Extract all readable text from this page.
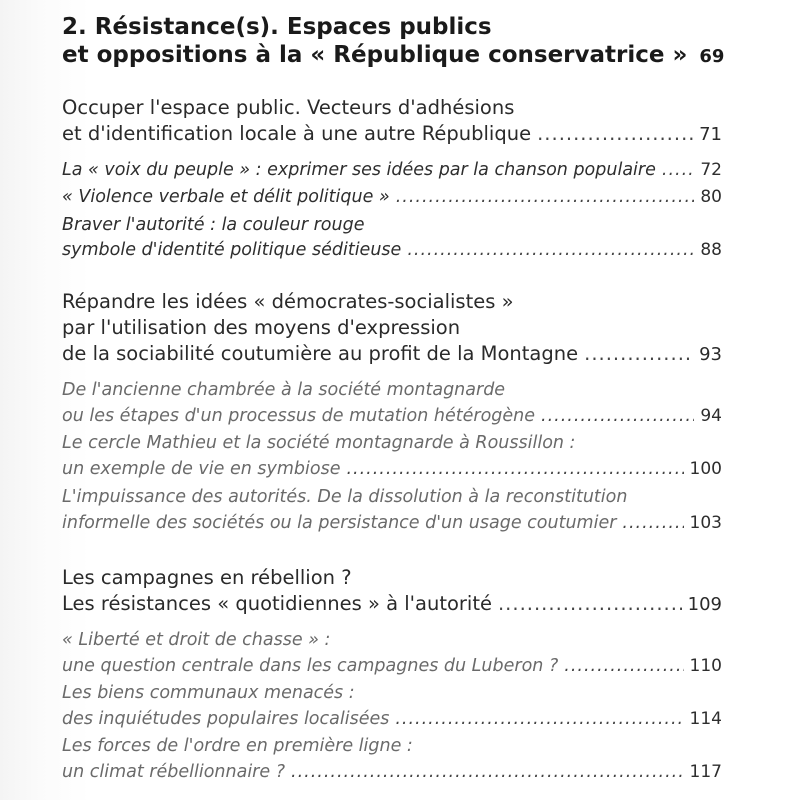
2. Résistance(s). Espaces publics
et oppositions à la « République conservatrice » 69
Occuper l'espace public. Vecteurs d'adhésions
et d'identification locale à une autre République .....	71
La « voix du peuple » : exprimer ses idées par la chanson populaire .....	72
« Violence verbale et délit politique » .....	80
Braver l'autorité : la couleur rouge
symbole d'identité politique séditieuse .....	88
Répandre les idées « démocrates-socialistes »
par l'utilisation des moyens d'expression
de la sociabilité coutumière au profit de la Montagne .....	93
De l'ancienne chambrée à la société montagnarde
ou les étapes d'un processus de mutation hétérogène .....	94
Le cercle Mathieu et la société montagnarde à Roussillon :
un exemple de vie en symbiose .....	100
L'impuissance des autorités. De la dissolution à la reconstitution
informelle des sociétés ou la persistance d'un usage coutumier .....	103
Les campagnes en rébellion ?
Les résistances « quotidiennes » à l'autorité .....	109
« Liberté et droit de chasse » :
une question centrale dans les campagnes du Luberon ? .....	110
Les biens communaux menacés :
des inquiétudes populaires localisées .....	114
Les forces de l'ordre en première ligne :
un climat rébellionnaire ? .....	117
